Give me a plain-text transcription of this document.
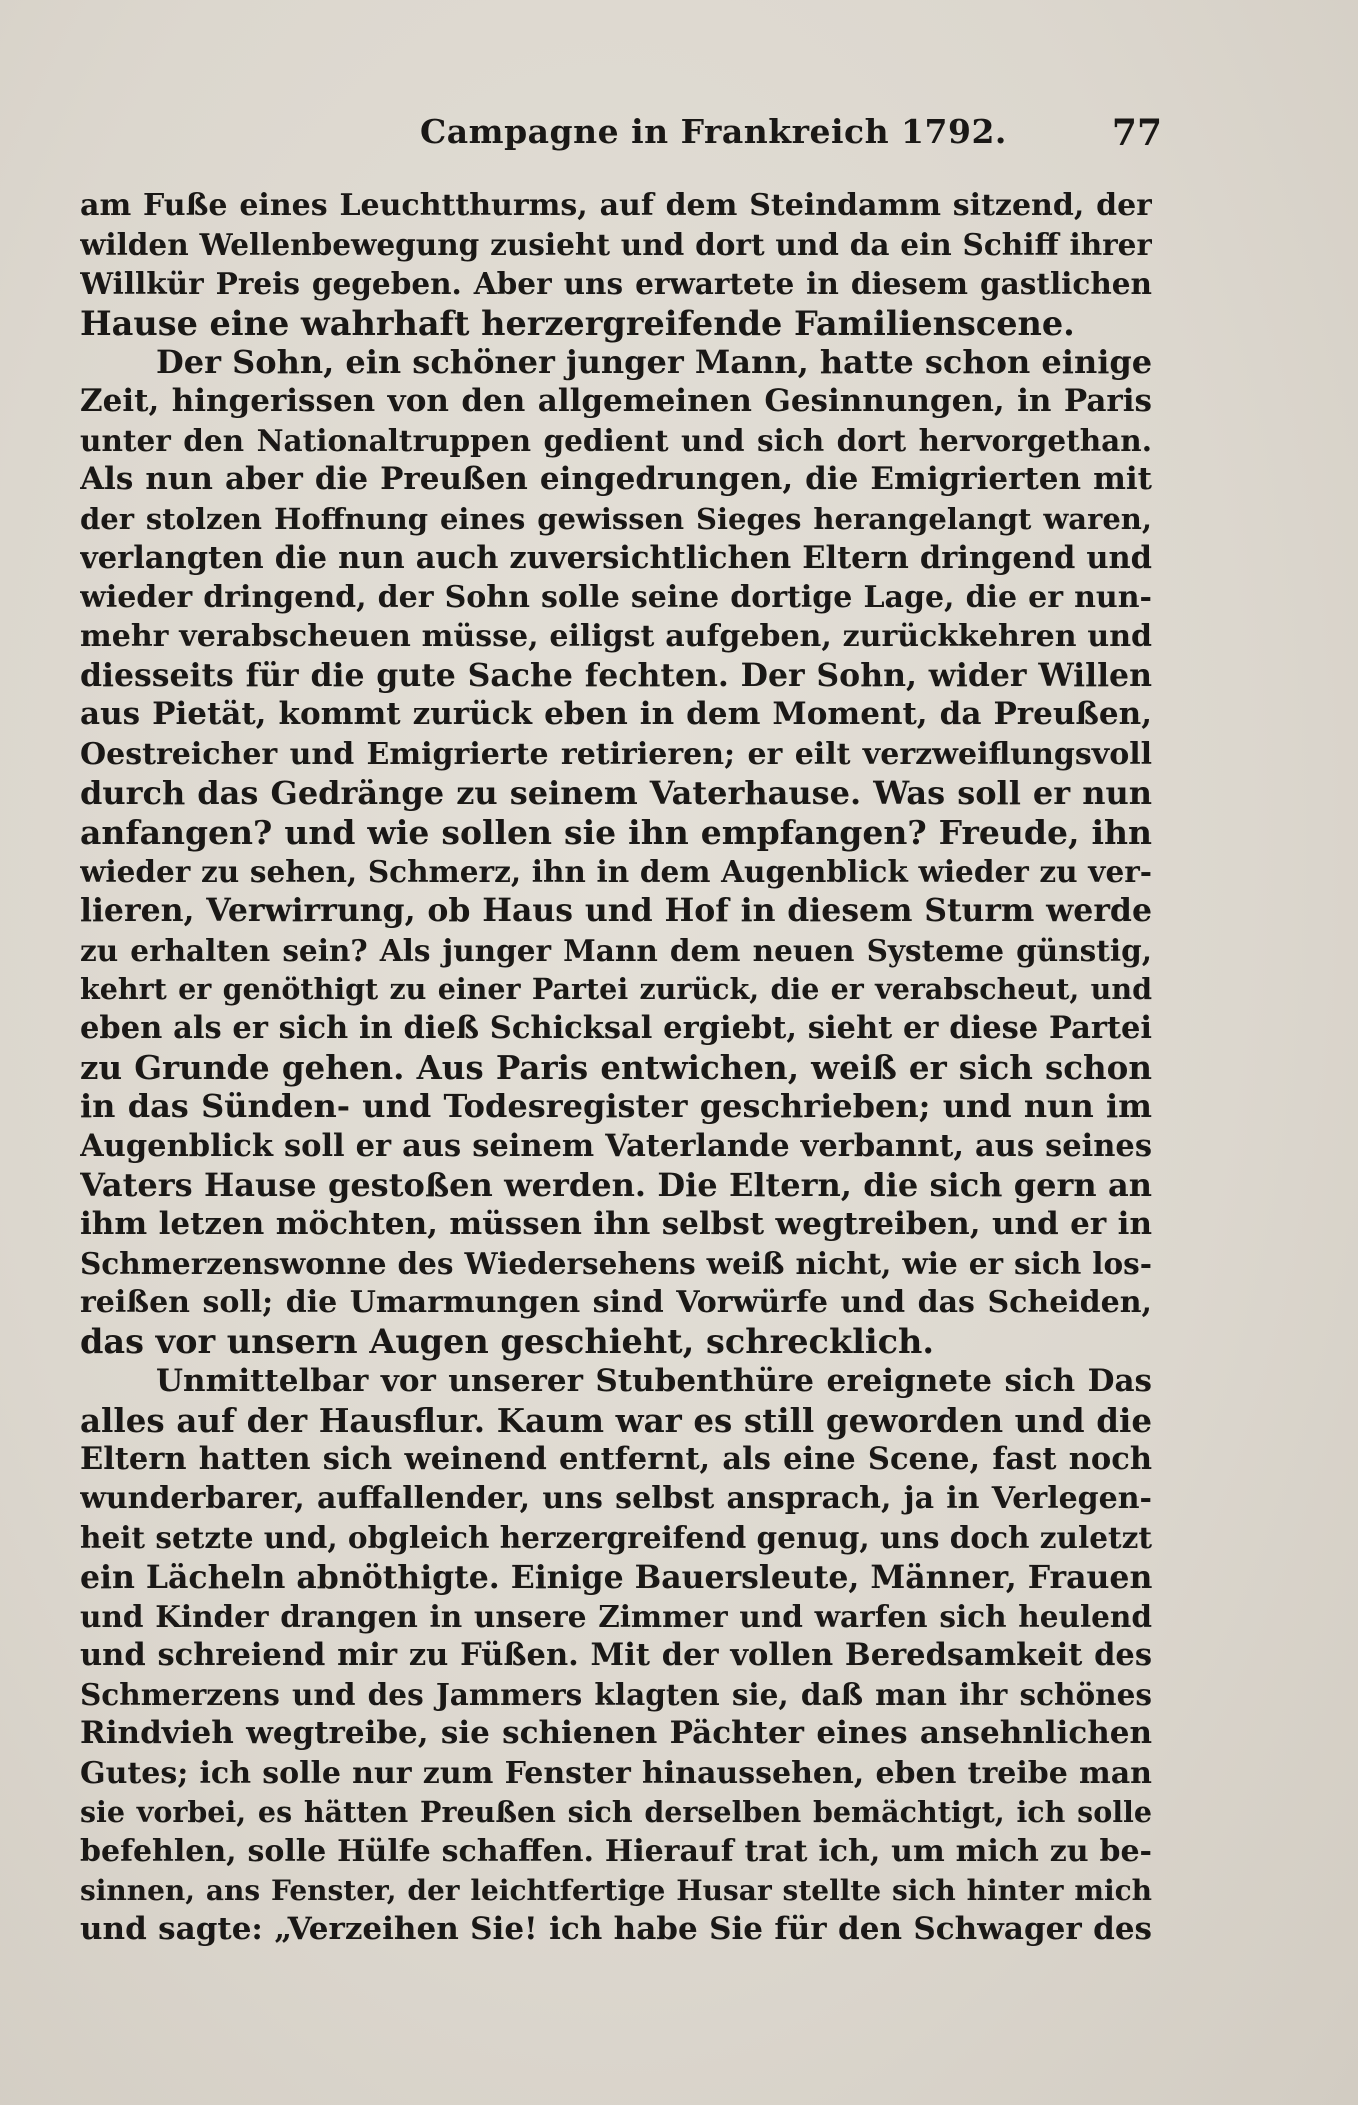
Campagne in Frankreich 1792.	77
am Fuße eines Leuchtthurms, auf dem Steindamm sitzend, der
wilden Wellenbewegung zusieht und dort und da ein Schiff ihrer
Willkür Preis gegeben. Aber uns erwartete in diesem gastlichen
Hause eine wahrhaft herzergreifende Familienscene.
Der Sohn, ein schöner junger Mann, hatte schon einige
Zeit, hingerissen von den allgemeinen Gesinnungen, in Paris
unter den Nationaltruppen gedient und sich dort hervorgethan.
Als nun aber die Preußen eingedrungen, die Emigrierten mit
der stolzen Hoffnung eines gewissen Sieges herangelangt waren,
verlangten die nun auch zuversichtlichen Eltern dringend und
wieder dringend, der Sohn solle seine dortige Lage, die er nun-
mehr verabscheuen müsse, eiligst aufgeben, zurückkehren und
diesseits für die gute Sache fechten. Der Sohn, wider Willen
aus Pietät, kommt zurück eben in dem Moment, da Preußen,
Oestreicher und Emigrierte retirieren; er eilt verzweiflungsvoll
durch das Gedränge zu seinem Vaterhause. Was soll er nun
anfangen? und wie sollen sie ihn empfangen? Freude, ihn
wieder zu sehen, Schmerz, ihn in dem Augenblick wieder zu ver-
lieren, Verwirrung, ob Haus und Hof in diesem Sturm werde
zu erhalten sein? Als junger Mann dem neuen Systeme günstig,
kehrt er genöthigt zu einer Partei zurück, die er verabscheut, und
eben als er sich in dieß Schicksal ergiebt, sieht er diese Partei
zu Grunde gehen. Aus Paris entwichen, weiß er sich schon
in das Sünden- und Todesregister geschrieben; und nun im
Augenblick soll er aus seinem Vaterlande verbannt, aus seines
Vaters Hause gestoßen werden. Die Eltern, die sich gern an
ihm letzen möchten, müssen ihn selbst wegtreiben, und er in
Schmerzenswonne des Wiedersehens weiß nicht, wie er sich los-
reißen soll; die Umarmungen sind Vorwürfe und das Scheiden,
das vor unsern Augen geschieht, schrecklich.
Unmittelbar vor unserer Stubenthüre ereignete sich Das
alles auf der Hausflur. Kaum war es still geworden und die
Eltern hatten sich weinend entfernt, als eine Scene, fast noch
wunderbarer, auffallender, uns selbst ansprach, ja in Verlegen-
heit setzte und, obgleich herzergreifend genug, uns doch zuletzt
ein Lächeln abnöthigte. Einige Bauersleute, Männer, Frauen
und Kinder drangen in unsere Zimmer und warfen sich heulend
und schreiend mir zu Füßen. Mit der vollen Beredsamkeit des
Schmerzens und des Jammers klagten sie, daß man ihr schönes
Rindvieh wegtreibe, sie schienen Pächter eines ansehnlichen
Gutes; ich solle nur zum Fenster hinaussehen, eben treibe man
sie vorbei, es hätten Preußen sich derselben bemächtigt, ich solle
befehlen, solle Hülfe schaffen. Hierauf trat ich, um mich zu be-
sinnen, ans Fenster, der leichtfertige Husar stellte sich hinter mich
und sagte: „Verzeihen Sie! ich habe Sie für den Schwager des
